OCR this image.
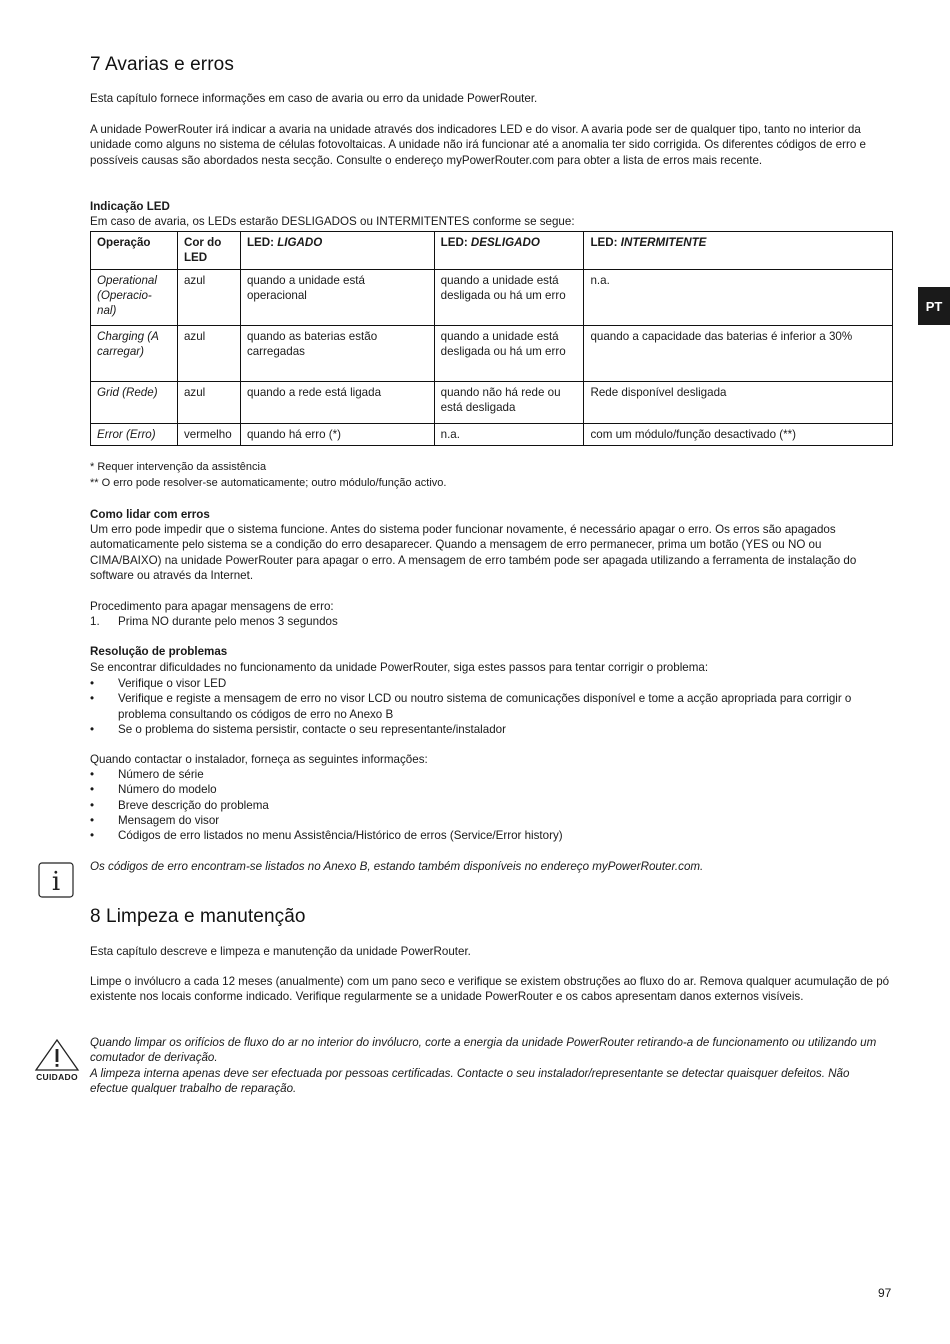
7 Avarias e erros
Esta capítulo fornece informações em caso de avaria ou erro da unidade PowerRouter.
A unidade PowerRouter irá indicar a avaria na unidade através dos indicadores LED e do visor. A avaria pode ser de qualquer tipo, tanto no interior da unidade como alguns no sistema de células fotovoltaicas. A unidade não irá funcionar até a anomalia ter sido corrigida. Os diferentes códigos de erro e possíveis causas são abordados nesta secção. Consulte o endereço myPowerRouter.com para obter a lista de erros mais recente.
Indicação LED
Em caso de avaria, os LEDs estarão DESLIGADOS ou INTERMITENTES conforme se segue:
Operação	Cor do LED	LED: LIGADO	LED: DESLIGADO	LED: INTERMITENTE
Operational (Operacio-nal)	azul	quando a unidade está operacional	quando a unidade está desligada ou há um erro	n.a.
Charging (A carregar)	azul	quando as baterias estão carregadas	quando a unidade está desligada ou há um erro	quando a capacidade das baterias é inferior a 30%
Grid (Rede)	azul	quando a rede está ligada	quando não há rede ou está desligada	Rede disponível desligada
Error (Erro)	vermelho	quando há erro (*)	n.a.	com um módulo/função desactivado (**)
* Requer intervenção da assistência
** O erro pode resolver-se automaticamente; outro módulo/função activo.
Como lidar com erros
Um erro pode impedir que o sistema funcione. Antes do sistema poder funcionar novamente, é necessário apagar o erro. Os erros são apagados automaticamente pelo sistema se a condição do erro desaparecer. Quando a mensagem de erro permanecer, prima um botão (YES ou NO ou CIMA/BAIXO) na unidade PowerRouter para apagar o erro. A mensagem de erro também pode ser apagada utilizando a ferramenta de instalação do software ou através da Internet.
Procedimento para apagar mensagens de erro:
1. Prima NO durante pelo menos 3 segundos
Resolução de problemas
Se encontrar dificuldades no funcionamento da unidade PowerRouter, siga estes passos para tentar corrigir o problema:
• Verifique o visor LED
• Verifique e registe a mensagem de erro no visor LCD ou noutro sistema de comunicações disponível e tome a acção apropriada para corrigir o problema consultando os códigos de erro no Anexo B
• Se o problema do sistema persistir, contacte o seu representante/instalador
Quando contactar o instalador, forneça as seguintes informações:
• Número de série
• Número do modelo
• Breve descrição do problema
• Mensagem do visor
• Códigos de erro listados no menu Assistência/Histórico de erros (Service/Error history)
Os códigos de erro encontram-se listados no Anexo B, estando também disponíveis no endereço myPowerRouter.com.
8 Limpeza e manutenção
Esta capítulo descreve e limpeza e manutenção da unidade PowerRouter.
Limpe o invólucro a cada 12 meses (anualmente) com um pano seco e verifique se existem obstruções ao fluxo do ar. Remova qualquer acumulação de pó existente nos locais conforme indicado. Verifique regularmente se a unidade PowerRouter e os cabos apresentam danos externos visíveis.
Quando limpar os orifícios de fluxo do ar no interior do invólucro, corte a energia da unidade PowerRouter retirando-a de funcionamento ou utilizando um comutador de derivação.
A limpeza interna apenas deve ser efectuada por pessoas certificadas. Contacte o seu instalador/representante se detectar quaisquer defeitos. Não efectue qualquer trabalho de reparação.
PT
i
CUIDADO
97
